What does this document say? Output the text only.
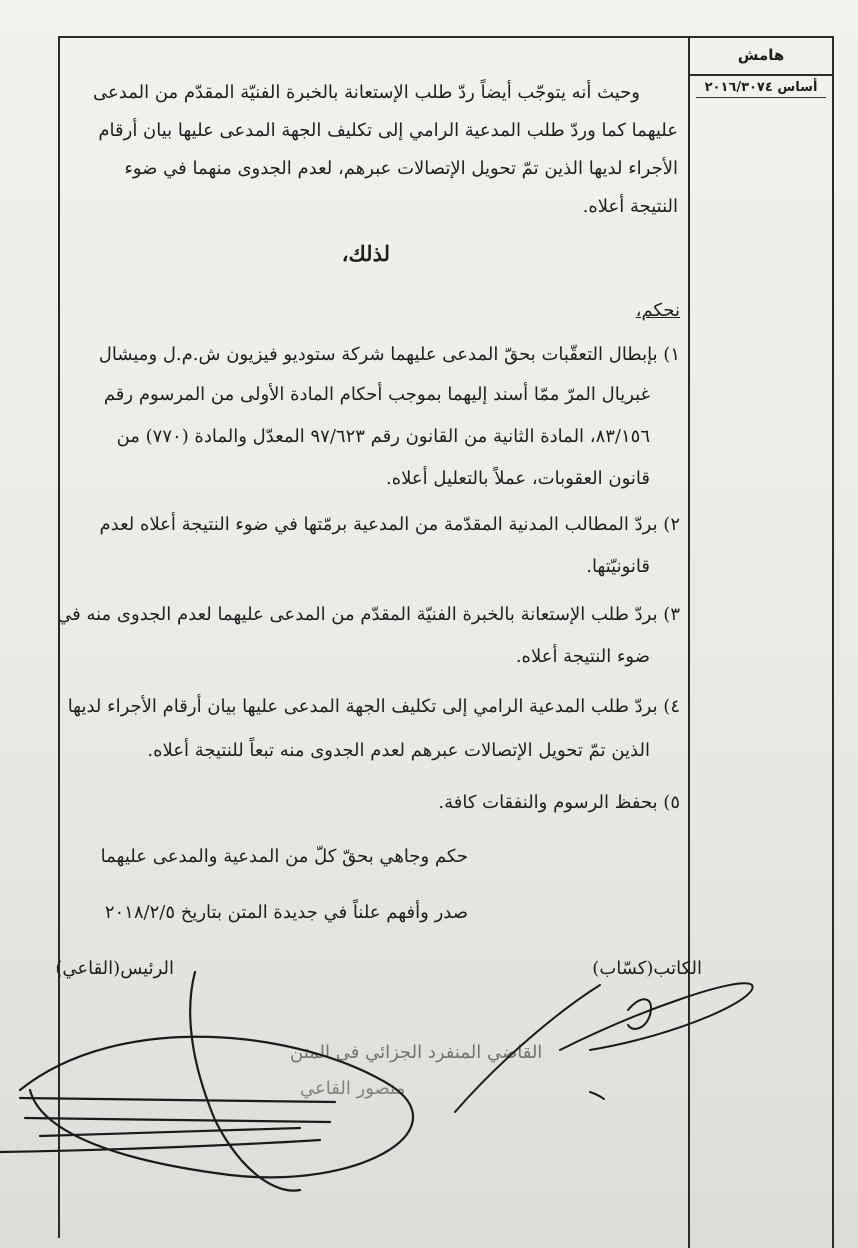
هامش
أساس ٢٠١٦/٣٠٧٤
وحيث أنه يتوجّب أيضاً ردّ طلب الإستعانة بالخبرة الفنيّة المقدّم من المدعى
عليهما كما وردّ طلب المدعية الرامي إلى تكليف الجهة المدعى عليها بيان أرقام
الأجراء لديها الذين تمّ تحويل الإتصالات عبرهم، لعدم الجدوى منهما في ضوء
النتيجة أعلاه.
لذلك،
نحكم،
١) بإبطال التعقّبات بحقّ المدعى عليهما شركة ستوديو فيزيون ش.م.ل وميشال
غبريال المرّ ممّا أسند إليهما بموجب أحكام المادة الأولى من المرسوم رقم
٨٣/١٥٦، المادة الثانية من القانون رقم ٩٧/٦٢٣ المعدّل والمادة (٧٧٠) من
قانون العقوبات، عملاً بالتعليل أعلاه.
٢) بردّ المطالب المدنية المقدّمة من المدعية برمّتها في ضوء النتيجة أعلاه لعدم
قانونيّتها.
٣) بردّ طلب الإستعانة بالخبرة الفنيّة المقدّم من المدعى عليهما لعدم الجدوى منه في
ضوء النتيجة أعلاه.
٤) بردّ طلب المدعية الرامي إلى تكليف الجهة المدعى عليها بيان أرقام الأجراء لديها
الذين تمّ تحويل الإتصالات عبرهم لعدم الجدوى منه تبعاً للنتيجة أعلاه.
٥) بحفظ الرسوم والنفقات كافة.
حكم وجاهي بحقّ كلّ من المدعية والمدعى عليهما
صدر وأفهم علناً في جديدة المتن بتاريخ ٢٠١٨/٢/٥
الكاتب(كسّاب)
الرئيس(القاعي)
القاضي المنفرد الجزائي في المتن
منصور القاعي
